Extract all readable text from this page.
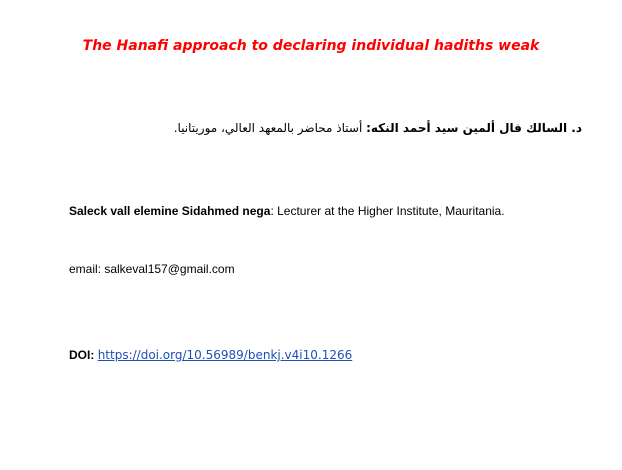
The Hanafi approach to declaring individual hadiths weak
د. السالك فال ألمين سيد أحمد النكه: أستاذ محاضر بالمعهد العالي، موريتانيا.
Saleck vall elemine Sidahmed nega: Lecturer at the Higher Institute, Mauritania.
email: salkeval157@gmail.com
DOI: https://doi.org/10.56989/benkj.v4i10.1266
